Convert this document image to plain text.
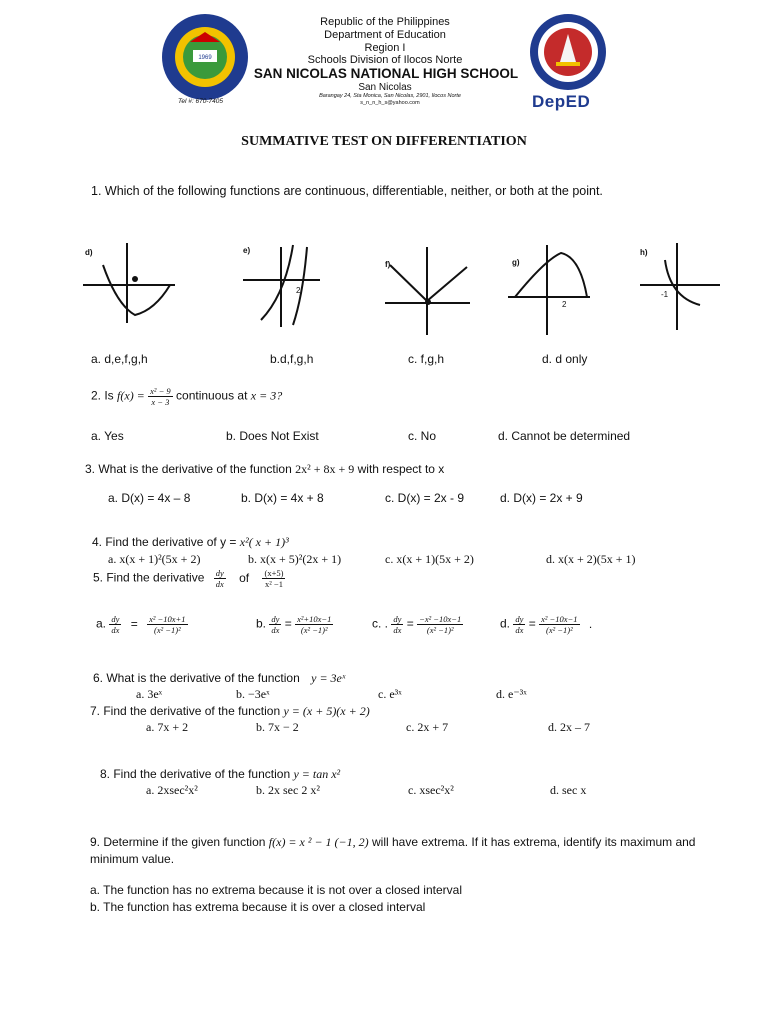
1969
Republic of the Philippines
Department of Education
Region I
Schools Division of Ilocos Norte
SAN NICOLAS NATIONAL HIGH SCHOOL
San Nicolas
Barangay 24, Sta Monica, San Nicolas, 2901, Ilocos Norte
s_n_n_h_s@yahoo.com
Tel #: 670-7405	DepED
SUMMATIVE TEST ON DIFFERENTIATION
1. Which of the following functions are continuous, differentiable, neither, or both at the point.
d)	e)
f)	g)
h)
2
2
-1
a. d,e,f,g,h	b.d,f,g,h	c. f,g,h	d. d only
2. Is $f(x) = \frac{\text{x² − 9}}{x - 3}$ continuous at x = 3?
a. Yes	b. Does Not Exist	c. No	d. Cannot be determined
3. What is the derivative of the function 2x² + 8x + 9 with respect to x
a. D(x) = 4x – 8	b. D(x) = 4x + 8	c. D(x) = 2x - 9	d. D(x) = 2x + 9
4. Find the derivative of y = x²( x + 1)³
a. x(x + 1)²(5x + 2)	b. x(x + 5)²(2x + 1)	c. x(x + 1)(5x + 2)	d. x(x + 2)(5x + 1)
5. Find the derivative $\frac{dy}{dx}$ of $\frac{(x+5)}{\text{x² −1}}$
a. $\frac{dy}{dx} = \frac{\text{x² −10x+1}}{\text{(x² −1)²}}$	b. $\frac{dy}{dx} = \frac{\text{x²+10x−1}}{\text{(x² −1)²}}$	c. . $\frac{dy}{dx} = \frac{\text{−x² −10x−1}}{\text{(x² −1)²}}$	d. $\frac{dy}{dx} = \frac{\text{x² −10x−1}}{\text{(x² −1)²}}$ .
6. What is the derivative of the function y = 3eˣ
a. 3eˣ	b. −3eˣ	c. e³ˣ	d. e⁻³ˣ
7. Find the derivative of the function y = (x + 5)(x + 2)
a. 7x + 2	b. 7x − 2	c. 2x + 7	d. 2x – 7
8. Find the derivative of the function y = tan x²
a. 2xsec²x²	b. 2x sec 2 x²	c. xsec²x²	d. sec x
9. Determine if the given function f(x) = x ² − 1 (−1, 2) will have extrema. If it has extrema, identify its maximum and minimum value.
a. The function has no extrema because it is not over a closed interval
b. The function has extrema because it is over a closed interval
